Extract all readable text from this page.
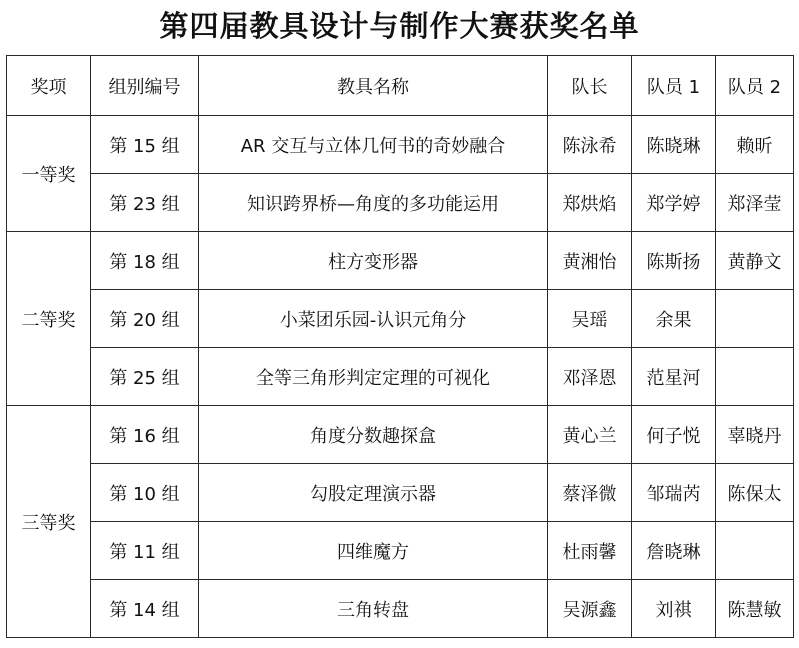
第四届教具设计与制作大赛获奖名单
奖项	组别编号	教具名称	队长	队员 1	队员 2
一等奖	第 15 组	AR 交互与立体几何书的奇妙融合	陈泳希	陈晓琳	赖昕
	第 23 组	知识跨界桥—角度的多功能运用	郑烘焰	郑学婷	郑泽莹
二等奖	第 18 组	柱方变形器	黄湘怡	陈斯扬	黄静文
	第 20 组	小菜团乐园-认识元角分	吴瑶	余果	
	第 25 组	全等三角形判定定理的可视化	邓泽恩	范星河	
三等奖	第 16 组	角度分数趣探盒	黄心兰	何子悦	辜晓丹
	第 10 组	勾股定理演示器	蔡泽微	邹瑞芮	陈保太
	第 11 组	四维魔方	杜雨馨	詹晓琳	
	第 14 组	三角转盘	吴源鑫	刘祺	陈慧敏
